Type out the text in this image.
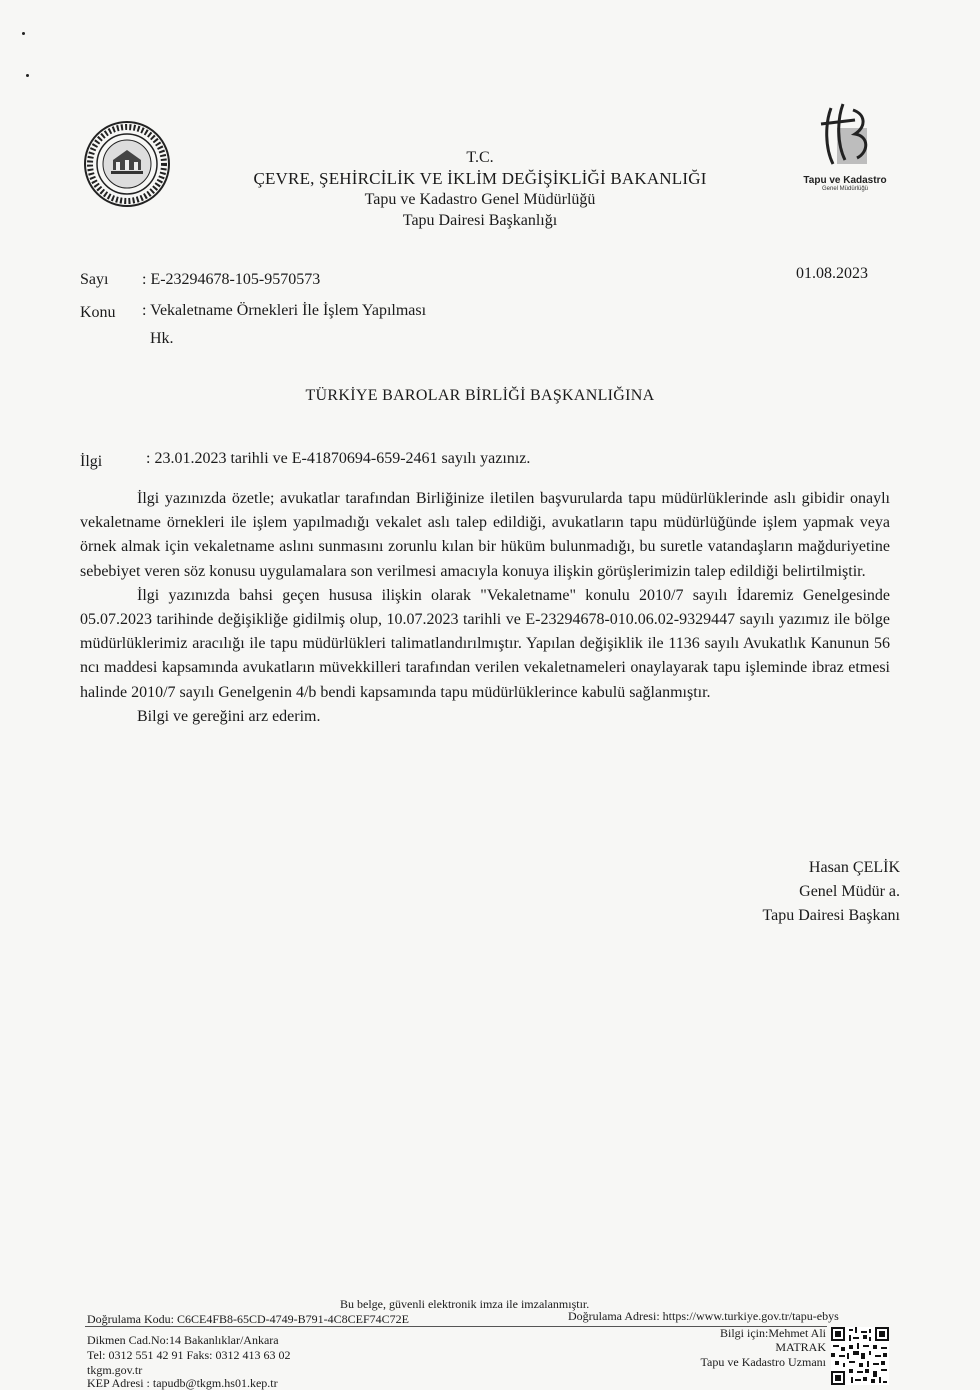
Tapu ve Kadastro
Genel Müdürlüğü
T.C.
ÇEVRE, ŞEHİRCİLİK VE İKLİM DEĞİŞİKLİĞİ BAKANLIĞI
Tapu ve Kadastro Genel Müdürlüğü
Tapu Dairesi Başkanlığı
Sayı : E-23294678-105-9570573	01.08.2023
Konu : Vekaletname Örnekleri İle İşlem Yapılması
Hk.
TÜRKİYE BAROLAR BİRLİĞİ BAŞKANLIĞINA
İlgi	: 23.01.2023 tarihli ve E-41870694-659-2461 sayılı yazınız.

İlgi yazınızda özetle; avukatlar tarafından Birliğinize iletilen başvurularda tapu müdürlüklerinde aslı gibidir onaylı vekaletname örnekleri ile işlem yapılmadığı vekalet aslı talep edildiği, avukatların tapu müdürlüğünde işlem yapmak veya örnek almak için vekaletname aslını sunmasını zorunlu kılan bir hüküm bulunmadığı, bu suretle vatandaşların mağduriyetine sebebiyet veren söz konusu uygulamalara son verilmesi amacıyla konuya ilişkin görüşlerimizin talep edildiği belirtilmiştir.

İlgi yazınızda bahsi geçen hususa ilişkin olarak "Vekaletname" konulu 2010/7 sayılı İdaremiz Genelgesinde 05.07.2023 tarihinde değişikliğe gidilmiş olup, 10.07.2023 tarihli ve E-23294678-010.06.02-9329447 sayılı yazımız ile bölge müdürlüklerimiz aracılığı ile tapu müdürlükleri talimatlandırılmıştır. Yapılan değişiklik ile 1136 sayılı Avukatlık Kanunun 56 ncı maddesi kapsamında avukatların müvekkilleri tarafından verilen vekaletnameleri onaylayarak tapu işleminde ibraz etmesi halinde 2010/7 sayılı Genelgenin 4/b bendi kapsamında tapu müdürlüklerince kabulü sağlanmıştır.

Bilgi ve gereğini arz ederim.

Hasan ÇELİK
Genel Müdür a.
Tapu Dairesi Başkanı
Bu belge, güvenli elektronik imza ile imzalanmıştır.
Doğrulama Kodu: C6CE4FB8-65CD-4749-B791-4C8CEF74C72E	Doğrulama Adresi: https://www.turkiye.gov.tr/tapu-ebys
Dikmen Cad.No:14 Bakanlıklar/Ankara
Tel: 0312 551 42 91 Faks: 0312 413 63 02
tkgm.gov.tr
KEP Adresi : tapudb@tkgm.hs01.kep.tr
Bilgi için:Mehmet Ali
MATRAK
Tapu ve Kadastro Uzmanı
